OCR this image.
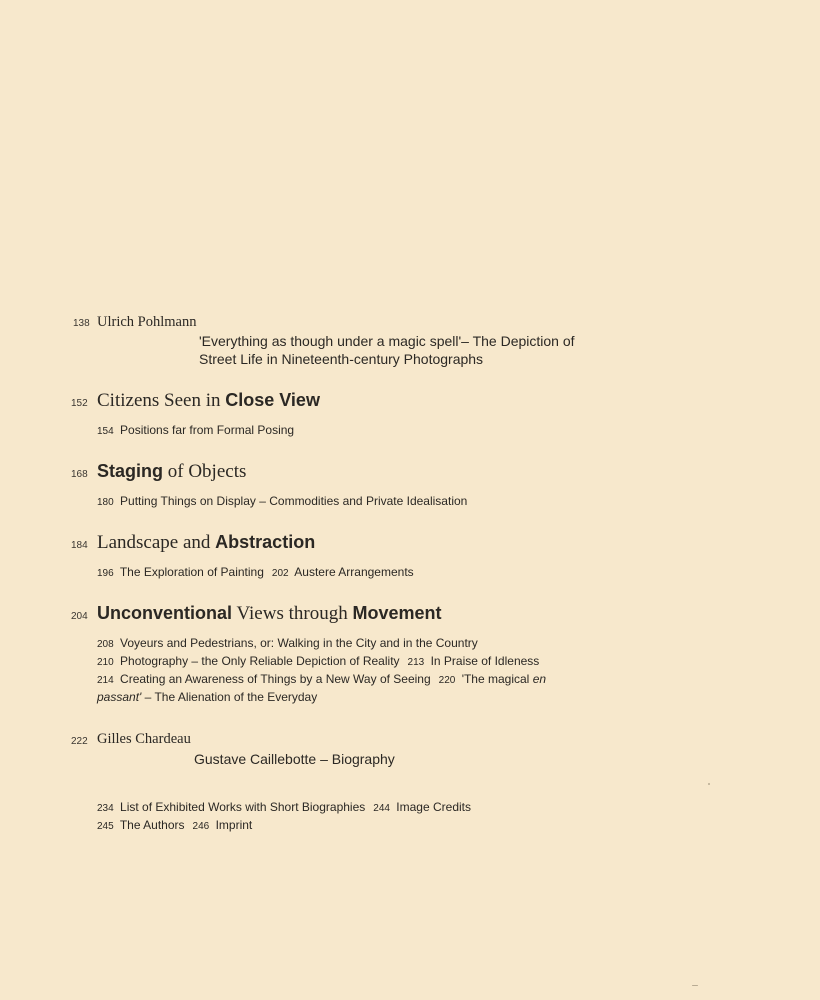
138 Ulrich Pohlmann
'Everything as though under a magic spell'– The Depiction of
Street Life in Nineteenth-century Photographs
152 Citizens Seen in Close View
154 Positions far from Formal Posing
168 Staging of Objects
180 Putting Things on Display – Commodities and Private Idealisation
184 Landscape and Abstraction
196 The Exploration of Painting 202 Austere Arrangements
204 Unconventional Views through Movement
208 Voyeurs and Pedestrians, or: Walking in the City and in the Country
210 Photography – the Only Reliable Depiction of Reality 213 In Praise of Idleness
214 Creating an Awareness of Things by a New Way of Seeing 220 'The magical en
passant' – The Alienation of the Everyday
222 Gilles Chardeau
Gustave Caillebotte – Biography
234 List of Exhibited Works with Short Biographies 244 Image Credits
245 The Authors 246 Imprint
